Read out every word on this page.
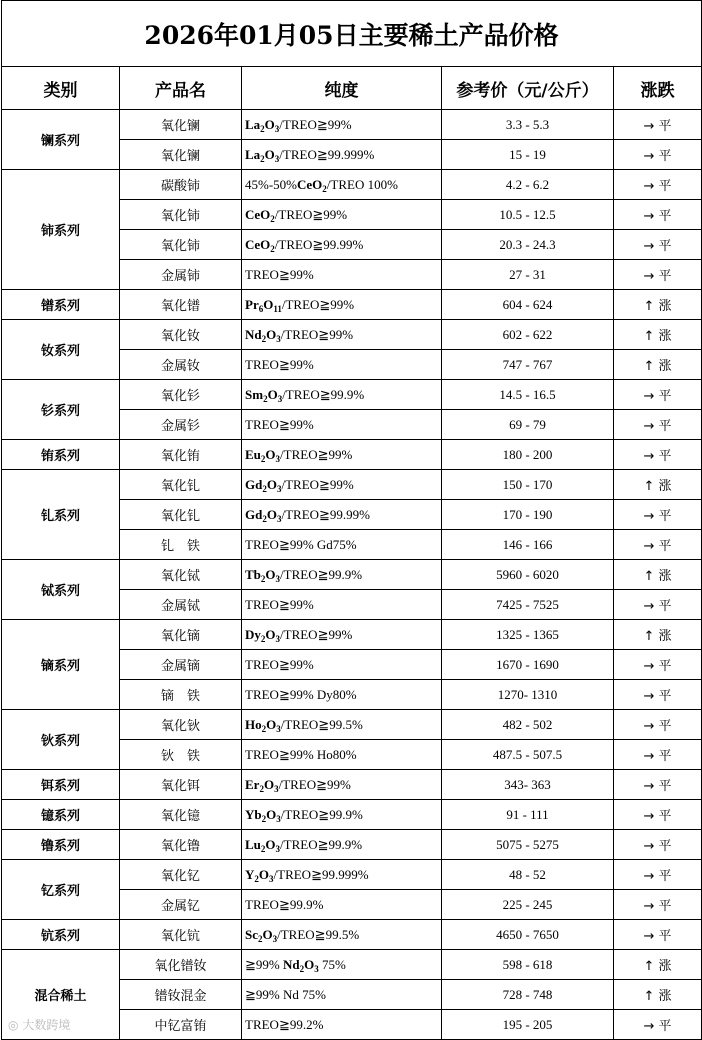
2026年01月05日主要稀土产品价格				
类别	产品名	纯度	参考价（元/公斤）	涨跌
镧系列	氧化镧	$La_2O_3/TREO≧99\%$	3.3 - 5.3	→ 平
	氧化镧	$La_2O_3/TREO≧99.999\%$	15 - 19	→ 平
铈系列	碳酸铈	45%-50%CeO$_2$/TREO 100%	4.2 - 6.2	→ 平
	氧化铈	CeO$_2$/TREO≧99%	10.5 - 12.5	→ 平
	氧化铈	CeO$_2$/TREO≧99.99%	20.3 - 24.3	→ 平
	金属铈	TREO≧99%	27 - 31	→ 平
镨系列	氧化镨	$Pr_6O_{11}/TREO≧99\%$	604 - 624	↑ 涨
钕系列	氧化钕	$Nd_2O_3/TREO≧99\%$	602 - 622	↑ 涨
	金属钕	TREO≧99%	747 - 767	↑ 涨
钐系列	氧化钐	$Sm_2O_3/TREO≧99.9\%$	14.5 - 16.5	→ 平
	金属钐	TREO≧99%	69 - 79	→ 平
铕系列	氧化铕	$Eu_2O_3/TREO≧99\%$	180 - 200	→ 平
钆系列	氧化钆	$Gd_2O_3/TREO≧99\%$	150 - 170	↑ 涨
	氧化钆	$Gd_2O_3/TREO≧99.99\%$	170 - 190	→ 平
	钆　铁	TREO≧99% Gd75%	146 - 166	→ 平
铽系列	氧化铽	$Tb_2O_3/TREO≧99.9\%$	5960 - 6020	↑ 涨
	金属铽	TREO≧99%	7425 - 7525	→ 平
镝系列	氧化镝	$Dy_2O_3/TREO≧99\%$	1325 - 1365	↑ 涨
	金属镝	TREO≧99%	1670 - 1690	→ 平
	镝　铁	TREO≧99% Dy80%	1270- 1310	→ 平
钬系列	氧化钬	$Ho_2O_3/TREO≧99.5\%$	482 - 502	→ 平
	钬　铁	TREO≧99% Ho80%	487.5 - 507.5	→ 平
铒系列	氧化铒	$Er_2O_3/TREO≧99\%$	343- 363	→ 平
镱系列	氧化镱	$Yb_2O_3/TREO≧99.9\%$	91 - 111	→ 平
镥系列	氧化镥	$Lu_2O_3/TREO≧99.9\%$	5075 - 5275	→ 平
钇系列	氧化钇	$Y_2O_3/TREO≧99.999\%$	48 - 52	→ 平
	金属钇	TREO≧99.9%	225 - 245	→ 平
钪系列	氧化钪	$Sc_2O_3/TREO≧99.5\%$	4650 - 7650	→ 平
混合稀土	氧化镨钕	≧99% $Nd_2O_3$ 75%	598 - 618	↑ 涨
	镨钕混金	≧99% Nd 75%	728 - 748	↑ 涨
	中钇富铕	TREO≧99.2%	195 - 205	→ 平
◎ 大数跨境
